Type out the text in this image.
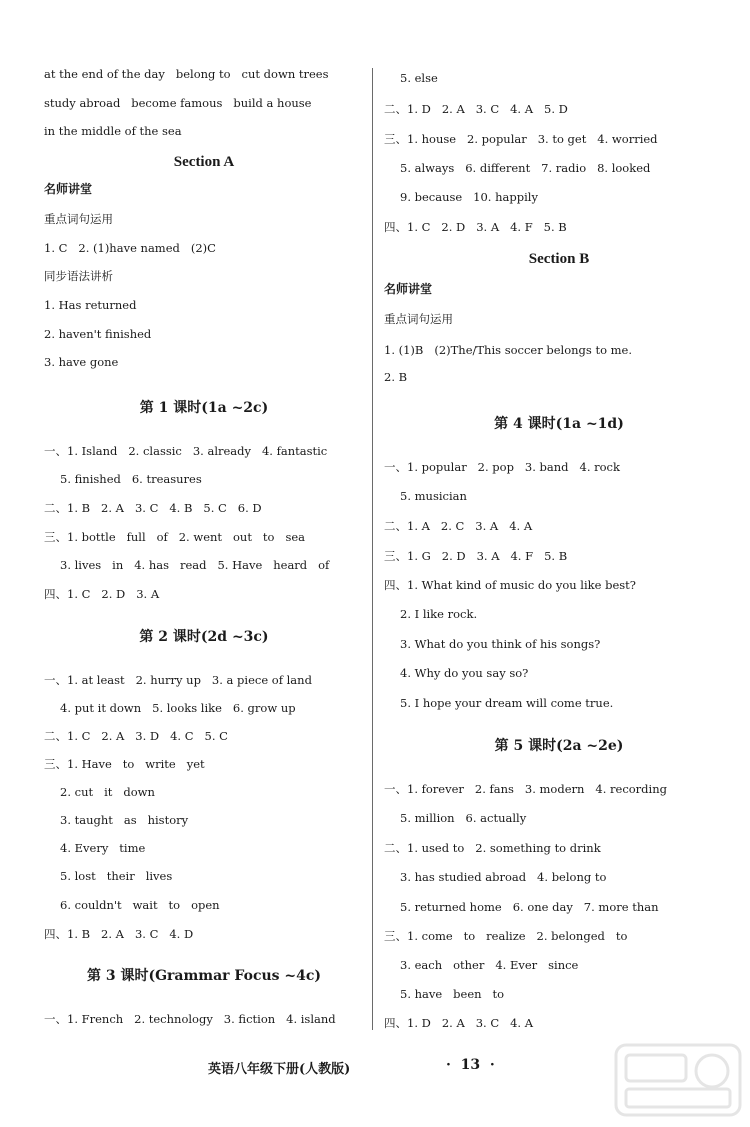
at the end of the day   belong to   cut down trees
study abroad   become famous   build a house
in the middle of the sea
Section A
名师讲堂
重点词句运用
1. C   2. (1)have named   (2)C
同步语法讲析
1. Has returned
2. haven't finished
3. have gone
第 1 课时(1a ~2c)
一、1. Island   2. classic   3. already   4. fantastic
5. finished   6. treasures
二、1. B   2. A   3. C   4. B   5. C   6. D
三、1. bottle   full   of   2. went   out   to   sea
3. lives   in   4. has   read   5. Have   heard   of
四、1. C   2. D   3. A
第 2 课时(2d ~3c)
一、1. at least   2. hurry up   3. a piece of land
4. put it down   5. looks like   6. grow up
二、1. C   2. A   3. D   4. C   5. C
三、1. Have   to   write   yet
2. cut   it   down
3. taught   as   history
4. Every   time
5. lost   their   lives
6. couldn't   wait   to   open
四、1. B   2. A   3. C   4. D
第 3 课时(Grammar Focus ~4c)
一、1. French   2. technology   3. fiction   4. island
5. else
二、1. D   2. A   3. C   4. A   5. D
三、1. house   2. popular   3. to get   4. worried
5. always   6. different   7. radio   8. looked
9. because   10. happily
四、1. C   2. D   3. A   4. F   5. B
Section B
名师讲堂
重点词句运用
1. (1)B   (2)The/This soccer belongs to me.
2. B
第 4 课时(1a ~1d)
一、1. popular   2. pop   3. band   4. rock
5. musician
二、1. A   2. C   3. A   4. A
三、1. G   2. D   3. A   4. F   5. B
四、1. What kind of music do you like best?
2. I like rock.
3. What do you think of his songs?
4. Why do you say so?
5. I hope your dream will come true.
第 5 课时(2a ~2e)
一、1. forever   2. fans   3. modern   4. recording
5. million   6. actually
二、1. used to   2. something to drink
3. has studied abroad   4. belong to
5. returned home   6. one day   7. more than
三、1. come   to   realize   2. belonged   to
3. each   other   4. Ever   since
5. have   been   to
四、1. D   2. A   3. C   4. A
英语八年级下册(人教版)	·  13  ·
